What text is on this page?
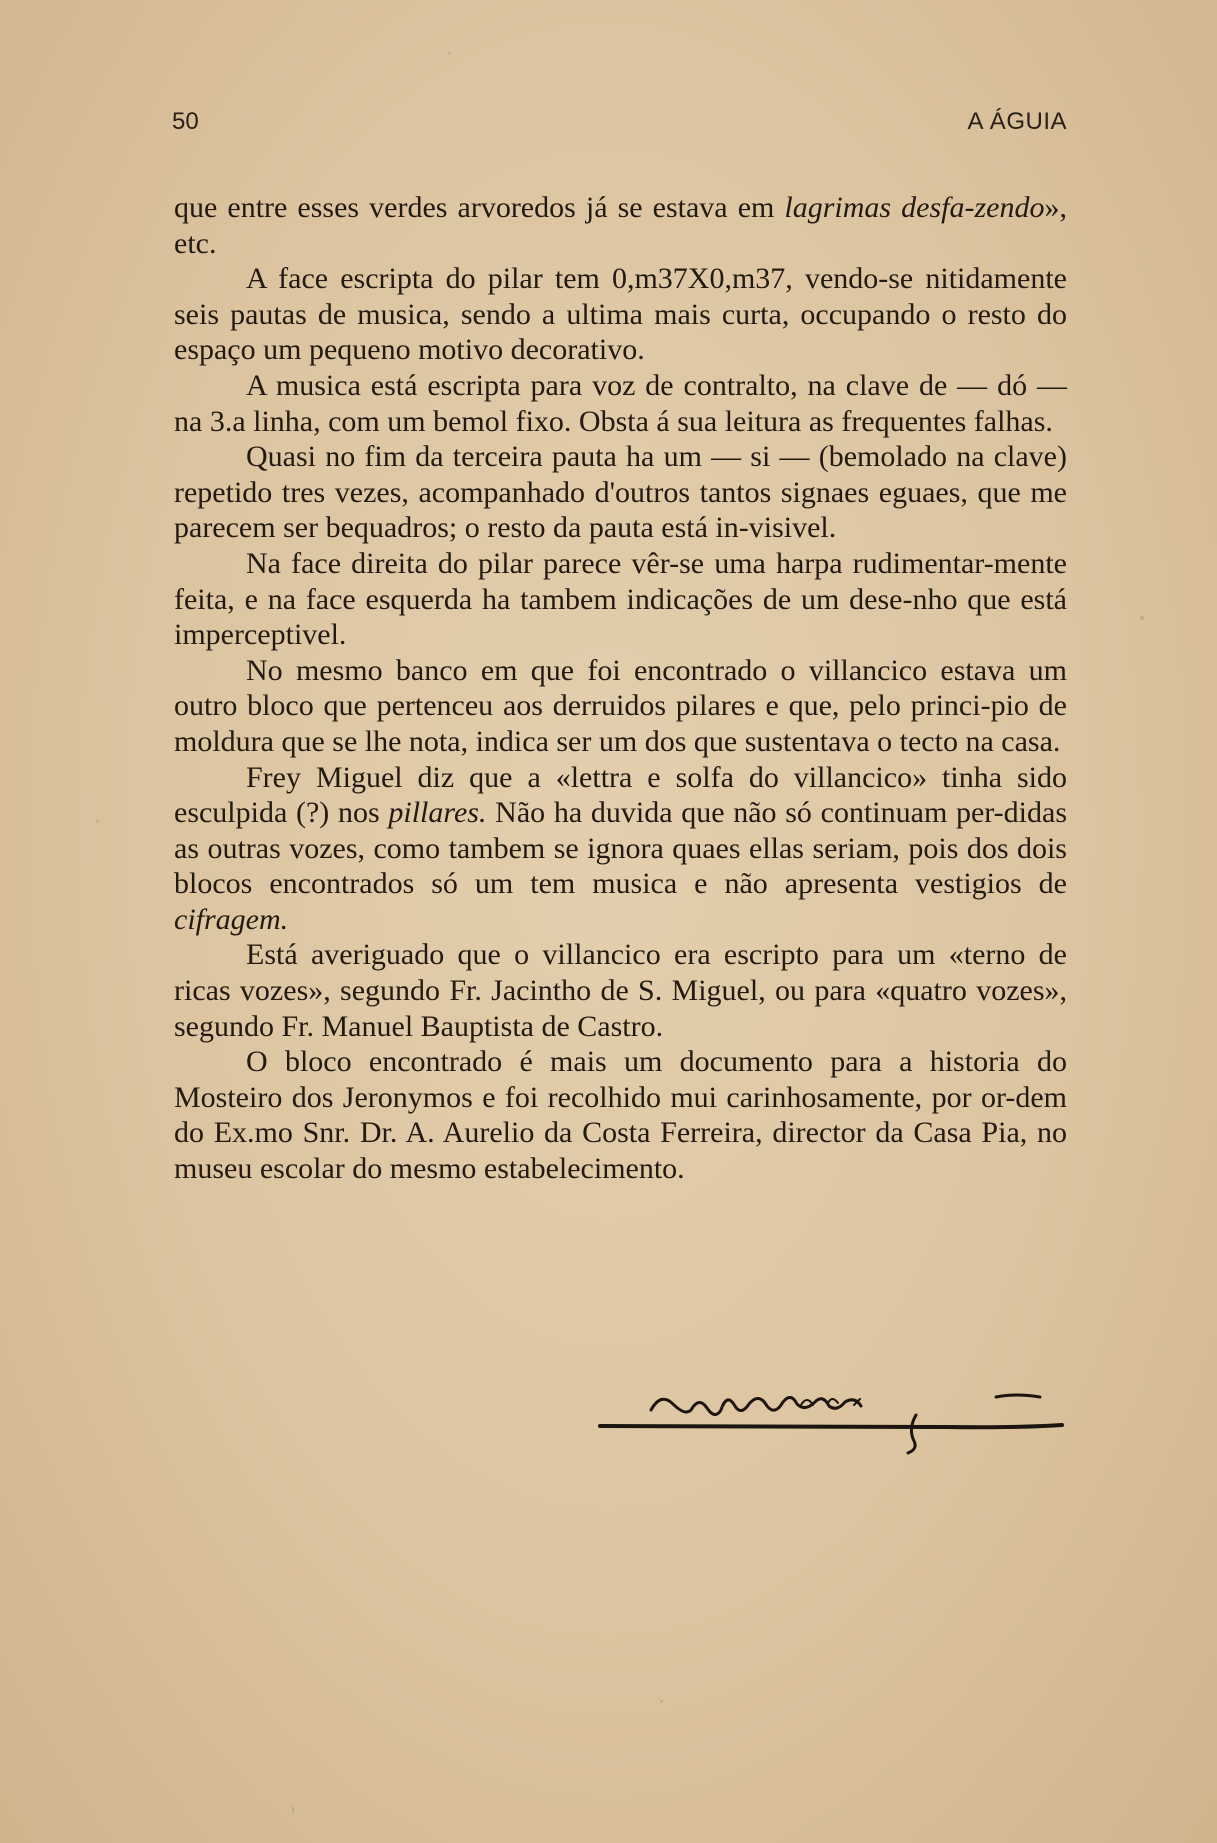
50	A ÁGUIA

que entre esses verdes arvoredos já se estava em lagrimas desfa-zendo», etc.

A face escripta do pilar tem 0,m37X0,m37, vendo-se nitidamente seis pautas de musica, sendo a ultima mais curta, occupando o resto do espaço um pequeno motivo decorativo.

A musica está escripta para voz de contralto, na clave de — dó — na 3.a linha, com um bemol fixo. Obsta á sua leitura as frequentes falhas.

Quasi no fim da terceira pauta ha um — si — (bemolado na clave) repetido tres vezes, acompanhado d'outros tantos signaes eguaes, que me parecem ser bequadros; o resto da pauta está in-visivel.

Na face direita do pilar parece vêr-se uma harpa rudimentar-mente feita, e na face esquerda ha tambem indicações de um dese-nho que está imperceptivel.

No mesmo banco em que foi encontrado o villancico estava um outro bloco que pertenceu aos derruidos pilares e que, pelo princi-pio de moldura que se lhe nota, indica ser um dos que sustentava o tecto na casa.

Frey Miguel diz que a «lettra e solfa do villancico» tinha sido esculpida (?) nos pillares. Não ha duvida que não só continuam per-didas as outras vozes, como tambem se ignora quaes ellas seriam, pois dos dois blocos encontrados só um tem musica e não apresenta vestigios de cifragem.

Está averiguado que o villancico era escripto para um «terno de ricas vozes», segundo Fr. Jacintho de S. Miguel, ou para «quatro vozes», segundo Fr. Manuel Bauptista de Castro.

O bloco encontrado é mais um documento para a historia do Mosteiro dos Jeronymos e foi recolhido mui carinhosamente, por or-dem do Ex.mo Snr. Dr. A. Aurelio da Costa Ferreira, director da Casa Pia, no museu escolar do mesmo estabelecimento.
